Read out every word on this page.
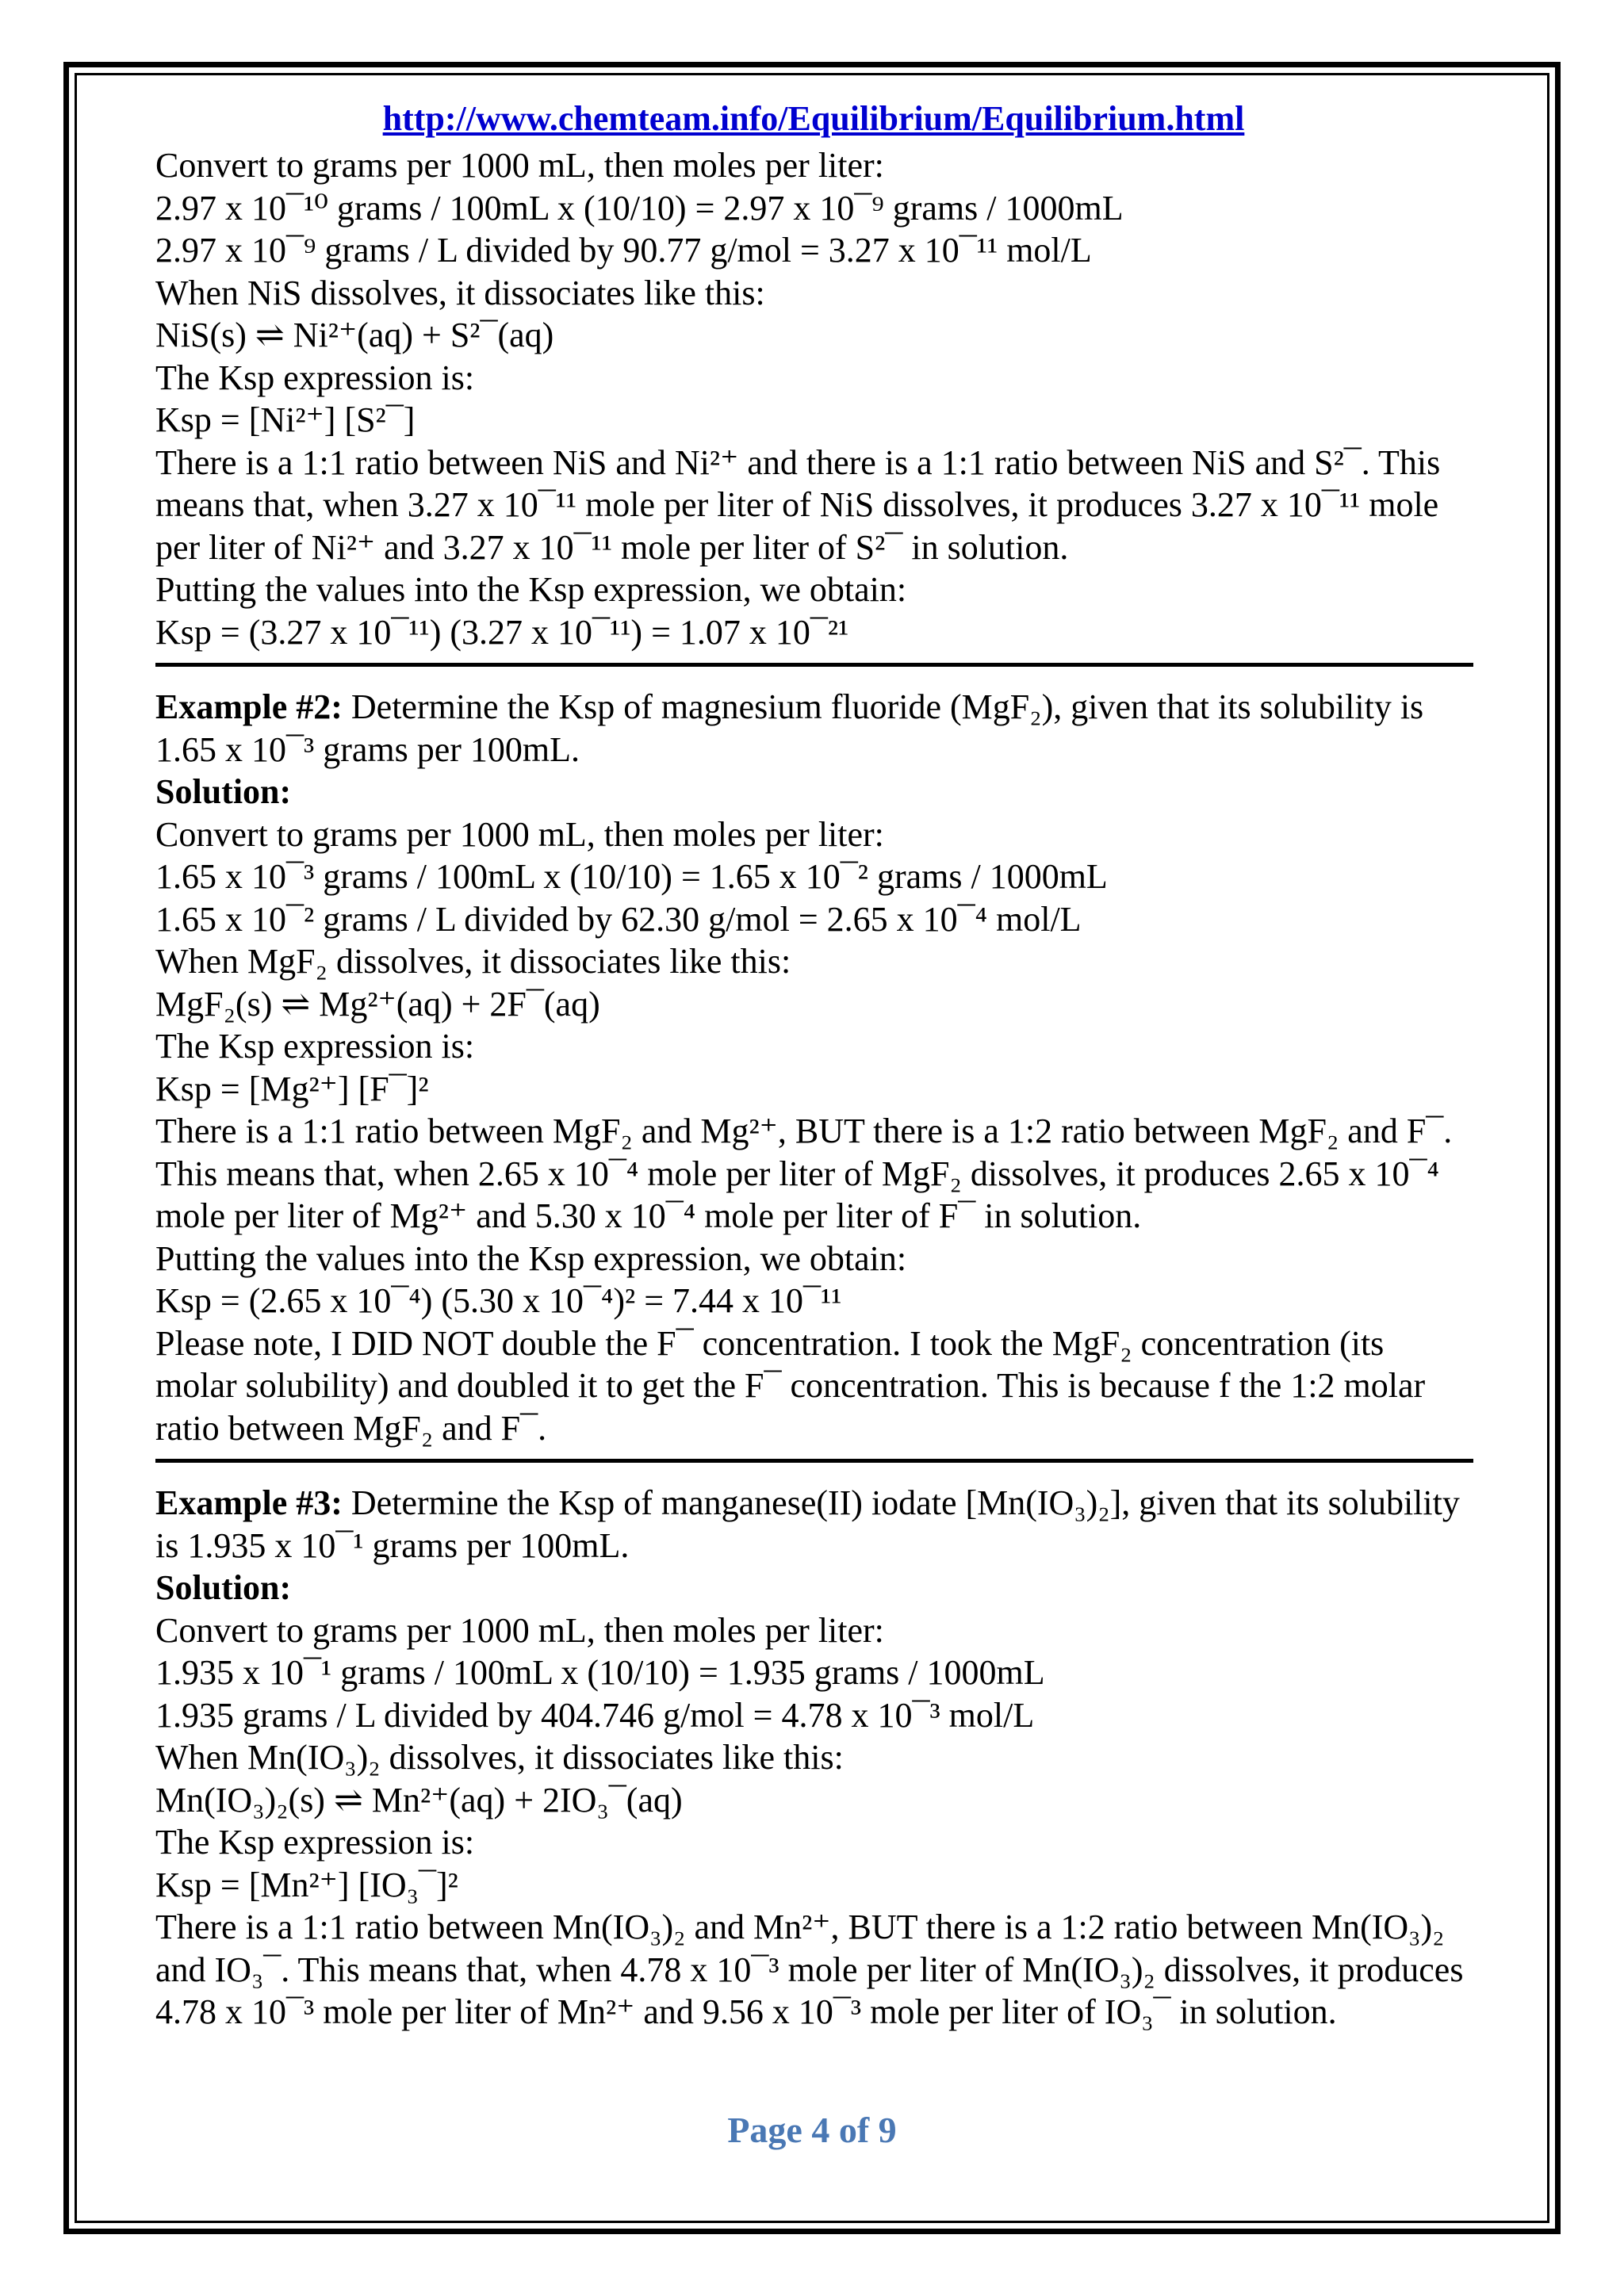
http://www.chemteam.info/Equilibrium/Equilibrium.html
Convert to grams per 1000 mL, then moles per liter:
2.97 x 10¯¹⁰ grams / 100mL x (10/10) = 2.97 x 10¯⁹ grams / 1000mL
2.97 x 10¯⁹ grams / L divided by 90.77 g/mol = 3.27 x 10¯¹¹ mol/L
When NiS dissolves, it dissociates like this:
NiS(s) ⇌ Ni²⁺(aq) + S²¯(aq)
The Ksp expression is:
Ksp = [Ni²⁺] [S²¯]
There is a 1:1 ratio between NiS and Ni²⁺ and there is a 1:1 ratio between NiS and S²¯. This means that, when 3.27 x 10¯¹¹ mole per liter of NiS dissolves, it produces 3.27 x 10¯¹¹ mole per liter of Ni²⁺ and 3.27 x 10¯¹¹ mole per liter of S²¯ in solution.
Putting the values into the Ksp expression, we obtain:
Ksp = (3.27 x 10¯¹¹) (3.27 x 10¯¹¹) = 1.07 x 10¯²¹
Example #2: Determine the Ksp of magnesium fluoride (MgF₂), given that its solubility is 1.65 x 10¯³ grams per 100mL.
Solution:
Convert to grams per 1000 mL, then moles per liter:
1.65 x 10¯³ grams / 100mL x (10/10) = 1.65 x 10¯² grams / 1000mL
1.65 x 10¯² grams / L divided by 62.30 g/mol = 2.65 x 10¯⁴ mol/L
When MgF₂ dissolves, it dissociates like this:
MgF₂(s) ⇌ Mg²⁺(aq) + 2F¯(aq)
The Ksp expression is:
Ksp = [Mg²⁺] [F¯]²
There is a 1:1 ratio between MgF₂ and Mg²⁺, BUT there is a 1:2 ratio between MgF₂ and F¯. This means that, when 2.65 x 10¯⁴ mole per liter of MgF₂ dissolves, it produces 2.65 x 10¯⁴ mole per liter of Mg²⁺ and 5.30 x 10¯⁴ mole per liter of F¯ in solution.
Putting the values into the Ksp expression, we obtain:
Ksp = (2.65 x 10¯⁴) (5.30 x 10¯⁴)² = 7.44 x 10¯¹¹
Please note, I DID NOT double the F¯ concentration. I took the MgF₂ concentration (its molar solubility) and doubled it to get the F¯ concentration. This is because f the 1:2 molar ratio between MgF₂ and F¯.
Example #3: Determine the Ksp of manganese(II) iodate [Mn(IO₃)₂], given that its solubility is 1.935 x 10¯¹ grams per 100mL.
Solution:
Convert to grams per 1000 mL, then moles per liter:
1.935 x 10¯¹ grams / 100mL x (10/10) = 1.935 grams / 1000mL
1.935 grams / L divided by 404.746 g/mol = 4.78 x 10¯³ mol/L
When Mn(IO₃)₂ dissolves, it dissociates like this:
Mn(IO₃)₂(s) ⇌ Mn²⁺(aq) + 2IO₃¯(aq)
The Ksp expression is:
Ksp = [Mn²⁺] [IO₃¯]²
There is a 1:1 ratio between Mn(IO₃)₂ and Mn²⁺, BUT there is a 1:2 ratio between Mn(IO₃)₂ and IO₃¯. This means that, when 4.78 x 10¯³ mole per liter of Mn(IO₃)₂ dissolves, it produces 4.78 x 10¯³ mole per liter of Mn²⁺ and 9.56 x 10¯³ mole per liter of IO₃¯ in solution.
Page 4 of 9
